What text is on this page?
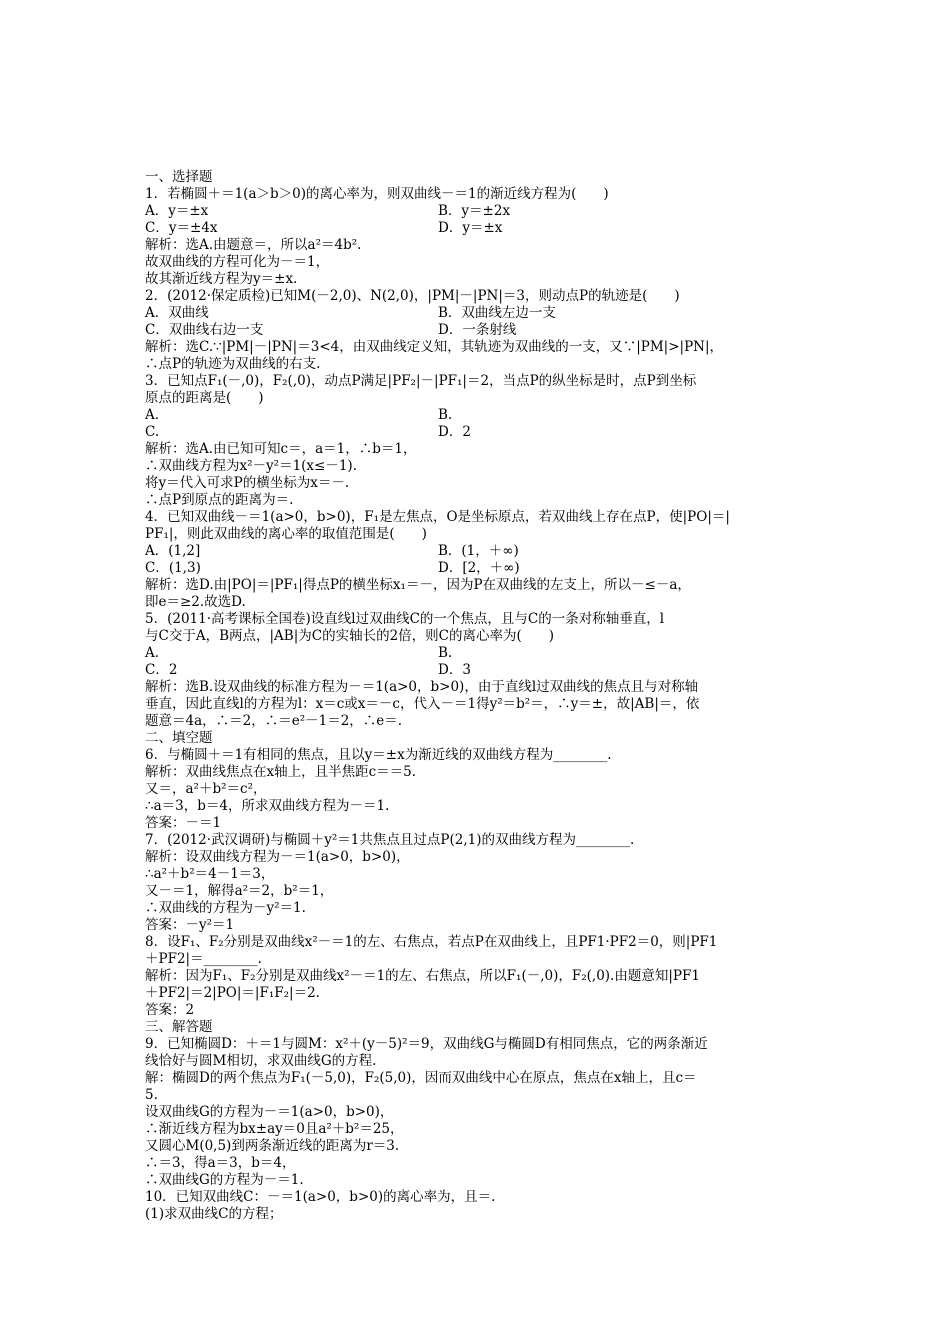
一、选择题
1．若椭圆＋＝1(a＞b＞0)的离心率为，则双曲线－＝1的渐近线方程为(　　)
A．y＝±x	B．y＝±2x
C．y＝±4x	D．y＝±x
解析：选A.由题意＝，所以a²＝4b².
故双曲线的方程可化为－＝1，
故其渐近线方程为y＝±x.
2．(2012·保定质检)已知M(－2,0)、N(2,0)，|PM|－|PN|＝3，则动点P的轨迹是(　　)
A．双曲线	B．双曲线左边一支
C．双曲线右边一支	D．一条射线
解析：选C.∵|PM|－|PN|＝3<4，由双曲线定义知，其轨迹为双曲线的一支，又∵|PM|>|PN|，
∴点P的轨迹为双曲线的右支.
3．已知点F₁(－,0)，F₂(,0)，动点P满足|PF₂|－|PF₁|＝2，当点P的纵坐标是时，点P到坐标
原点的距离是(　　)
A.	B.
C.	D．2
解析：选A.由已知可知c＝，a＝1，∴b＝1，
∴双曲线方程为x²－y²＝1(x≤－1).
将y＝代入可求P的横坐标为x＝－.
∴点P到原点的距离为＝.
4．已知双曲线－＝1(a>0，b>0)，F₁是左焦点，O是坐标原点，若双曲线上存在点P，使|PO|＝|
PF₁|，则此双曲线的离心率的取值范围是(　　)
A．(1,2]	B．(1，＋∞)
C．(1,3)	D．[2，＋∞)
解析：选D.由|PO|＝|PF₁|得点P的横坐标x₁＝－，因为P在双曲线的左支上，所以－≤－a，
即e＝≥2.故选D.
5．(2011·高考课标全国卷)设直线l过双曲线C的一个焦点，且与C的一条对称轴垂直，l
与C交于A，B两点，|AB|为C的实轴长的2倍，则C的离心率为(　　)
A.	B.
C．2	D．3
解析：选B.设双曲线的标准方程为－＝1(a>0，b>0)，由于直线l过双曲线的焦点且与对称轴
垂直，因此直线l的方程为l：x＝c或x＝－c，代入－＝1得y²＝b²＝，∴y＝±，故|AB|＝，依
题意＝4a，∴＝2，∴＝e²－1＝2，∴e＝.
二、填空题
6．与椭圆＋＝1有相同的焦点，且以y＝±x为渐近线的双曲线方程为________.
解析：双曲线焦点在x轴上，且半焦距c＝＝5.
又＝，a²＋b²＝c²，
∴a＝3，b＝4，所求双曲线方程为－＝1.
答案：－＝1
7．(2012·武汉调研)与椭圆＋y²＝1共焦点且过点P(2,1)的双曲线方程为________.
解析：设双曲线方程为－＝1(a>0，b>0)，
∴a²＋b²＝4－1＝3，
又－＝1，解得a²＝2，b²＝1，
∴双曲线的方程为－y²＝1.
答案：－y²＝1
8．设F₁、F₂分别是双曲线x²－＝1的左、右焦点，若点P在双曲线上，且PF1·PF2＝0，则|PF1
＋PF2|＝________.
解析：因为F₁、F₂分别是双曲线x²－＝1的左、右焦点，所以F₁(－,0)，F₂(,0).由题意知|PF1
＋PF2|＝2|PO|＝|F₁F₂|＝2.
答案：2
三、解答题
9．已知椭圆D：＋＝1与圆M：x²＋(y－5)²＝9，双曲线G与椭圆D有相同焦点，它的两条渐近
线恰好与圆M相切，求双曲线G的方程.
解：椭圆D的两个焦点为F₁(－5,0)，F₂(5,0)，因而双曲线中心在原点，焦点在x轴上，且c＝
5.
设双曲线G的方程为－＝1(a>0，b>0)，
∴渐近线方程为bx±ay＝0且a²＋b²＝25，
又圆心M(0,5)到两条渐近线的距离为r＝3.
∴＝3，得a＝3，b＝4，
∴双曲线G的方程为－＝1.
10．已知双曲线C：－＝1(a>0，b>0)的离心率为，且＝.
(1)求双曲线C的方程；
